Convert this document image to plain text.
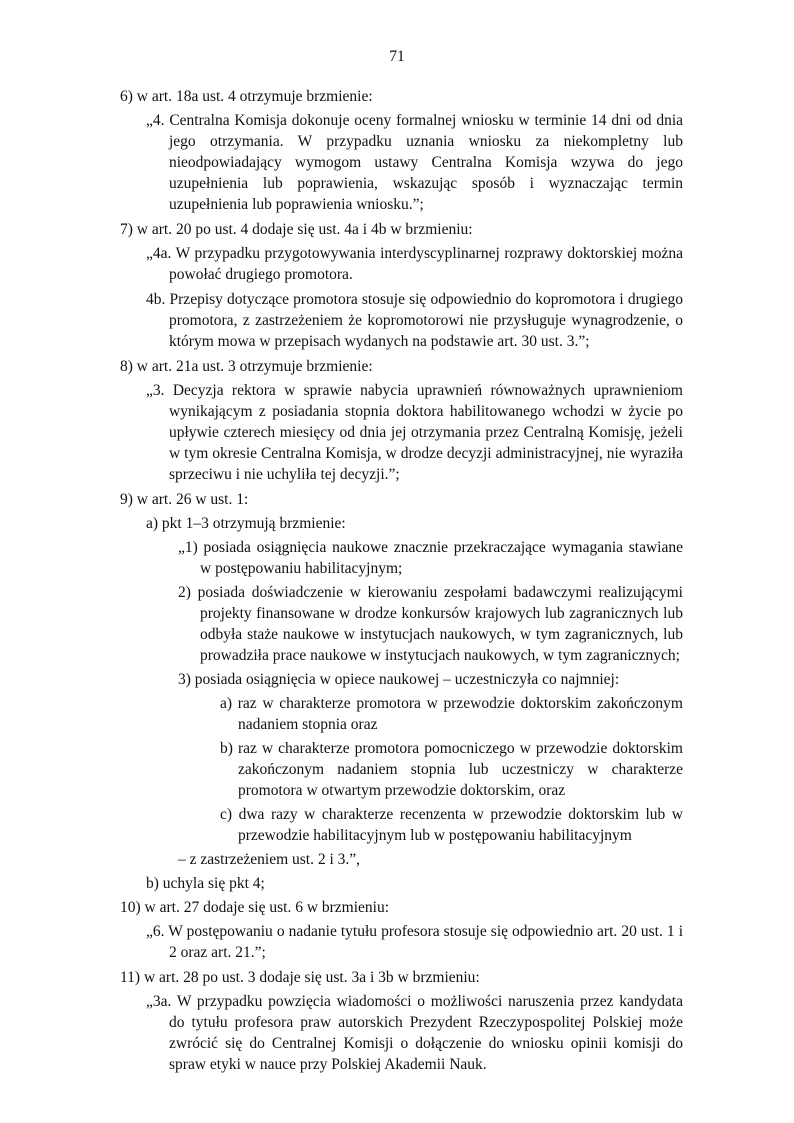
71
6) w art. 18a ust. 4 otrzymuje brzmienie:
„4. Centralna Komisja dokonuje oceny formalnej wniosku w terminie 14 dni od dnia jego otrzymania. W przypadku uznania wniosku za niekompletny lub nieodpowiadający wymogom ustawy Centralna Komisja wzywa do jego uzupełnienia lub poprawienia, wskazując sposób i wyznaczając termin uzupełnienia lub poprawienia wniosku.”;
7) w art. 20 po ust. 4 dodaje się ust. 4a i 4b w brzmieniu:
„4a. W przypadku przygotowywania interdyscyplinarnej rozprawy doktorskiej można powołać drugiego promotora.
4b. Przepisy dotyczące promotora stosuje się odpowiednio do kopromotora i drugiego promotora, z zastrzeżeniem że kopromotorowi nie przysługuje wynagrodzenie, o którym mowa w przepisach wydanych na podstawie art. 30 ust. 3.”;
8) w art. 21a ust. 3 otrzymuje brzmienie:
„3. Decyzja rektora w sprawie nabycia uprawnień równoważnych uprawnieniom wynikającym z posiadania stopnia doktora habilitowanego wchodzi w życie po upływie czterech miesięcy od dnia jej otrzymania przez Centralną Komisję, jeżeli w tym okresie Centralna Komisja, w drodze decyzji administracyjnej, nie wyraziła sprzeciwu i nie uchyliła tej decyzji.”;
9) w art. 26 w ust. 1:
a) pkt 1–3 otrzymują brzmienie:
„1) posiada osiągnięcia naukowe znacznie przekraczające wymagania stawiane w postępowaniu habilitacyjnym;
2) posiada doświadczenie w kierowaniu zespołami badawczymi realizującymi projekty finansowane w drodze konkursów krajowych lub zagranicznych lub odbyła staże naukowe w instytucjach naukowych, w tym zagranicznych, lub prowadziła prace naukowe w instytucjach naukowych, w tym zagranicznych;
3) posiada osiągnięcia w opiece naukowej – uczestniczyła co najmniej:
a) raz w charakterze promotora w przewodzie doktorskim zakończonym nadaniem stopnia oraz
b) raz w charakterze promotora pomocniczego w przewodzie doktorskim zakończonym nadaniem stopnia lub uczestniczy w charakterze promotora w otwartym przewodzie doktorskim, oraz
c) dwa razy w charakterze recenzenta w przewodzie doktorskim lub w przewodzie habilitacyjnym lub w postępowaniu habilitacyjnym
– z zastrzeżeniem ust. 2 i 3.”,
b) uchyla się pkt 4;
10) w art. 27 dodaje się ust. 6 w brzmieniu:
„6. W postępowaniu o nadanie tytułu profesora stosuje się odpowiednio art. 20 ust. 1 i 2 oraz art. 21.”;
11) w art. 28 po ust. 3 dodaje się ust. 3a i 3b w brzmieniu:
„3a. W przypadku powzięcia wiadomości o możliwości naruszenia przez kandydata do tytułu profesora praw autorskich Prezydent Rzeczypospolitej Polskiej może zwrócić się do Centralnej Komisji o dołączenie do wniosku opinii komisji do spraw etyki w nauce przy Polskiej Akademii Nauk.
